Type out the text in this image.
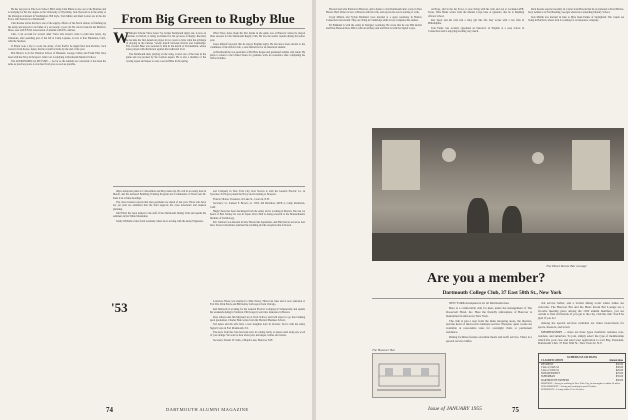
He has last year at Yale Law School. Bill's sister John Elkins is also out of the Marines and is studying for his law degree at the University of Wyoming. Jack Newsom is in the Army at the Pentagon stationed in Washington. Bill Kyle, Tom Miller and Reid Lorton are in the Air Force. Jim Stewart is at Dartmouth.

Chet Roarke writes that he is one of the supply officers of the Naval station, is finishing up the Army and expects to be father of a son nearly a year old. He can be found in the Bedford, Mass. area with F.N.M. Association of Alumni with P.N. address.

Chet, I can account for several other '53ers who haven't come to print here lately. Jay Johnstone, after spending part of the fall at Camp Lejeune, is now at Port Hueneme, Calif., with the Seabees.

If Elliott took a trip to Gold, the Army of the Pacific he might find Jack Prentice. Jack wrote in from Korea, Japan, that he would be home by the end of the year.

Bob Barlow is in the Wharton School of Business. George Cullen and Frank Ellis have been with the Navy in Newport. John Carr is studying at Dartmouth Medical School.

The ASTRONOMICAL PICTURE — As far as the Alumni are concerned, it has been the same as previous years. Let us hear from you as soon as possible.

From Big Green to Rugby Blue
W Rhodes Scholar Vince Jones '54, former Dartmouth rugby star, is now an oarsman at Oxford, is being acclaimed for his prowess at Rugby. Recently he became the first American player in two years to have what the privilege of playing in the famous 'varsity match' between Oxford and Cambridge. The coveted Blue was awarded to him in the match at Twickenham, where Jones played with distinction against his traditional rival.

The Dartmouth man, playing on the wing, scored one of the tries in the game and was praised by the London papers. He is also a member of the rowing squad and hopes to earn a second Blue in the spring.

What Vince Jones made his first marks in the game was at Hanover where he played three seasons for the Dartmouth Rugby Club. He was the team's captain during his senior year.

Jones himself reported that he enjoys English rugby. He has since been elected to the committee of the Oxford club, a rare distinction for an American student.

At Dartmouth he was president of Phi Beta Kappa and graduated summa cum laude. He plans to return to the United States for graduate work in economics after completing his Oxford studies.

ships' enterprise plans for a December and May mark trip. He will be an Army man in March, and the Armored Bombing Training Program and Commander of Naval Gen Dr. Kent is in at May meetings.

The class treasurer reports that dues payments are ahead of last year. Those who have not yet paid are reminded that the fund supports the class newsletter and reunion planning.

Jim Elliott has been named to the staff of the Dartmouth Outing Club and spends his summers in the White Mountains.

Sandy Williams writes from Germany where he is serving with the Army Engineers.

and Company in New York City. Don Norton is with the General Electric Co. in Syracuse. Ed Noyes joined the Navy and is training at Newport.

Francis Thorne, Treasurer, 16 Lake St., Concord, N.H.

Secretary: Lt. Samuel F. Brown, Lt. USN, 6th Battalion, MCB 4, Camp Pendleton, Calif.

Hugh Chase has been discharged from the Army and is working in Boston. The last we heard of Bob Tenney he was in Japan. Dave Hall is doing research at the Massachusetts Institute of Technology.

Eric Sanborn was married in New Haven this September, and Phil Norton served as best man. Several classmates attended the wedding and the reception that followed.

'53	Lawrence Friess was married to Miss Nancy Tilton last June and is now stationed at Fort Dix. Dick Ferris and Bill Kelley both report from Chicago.

Ken Manwell is working for the General Electric Company in Schenectady and spends his weekends skiing in Vermont. Phil Gregory went into insurance in Boston.

Ross Gibson and Jim Maynard are at Tuck School, and both expect to go into banking upon graduation. Charles Hale writes from the Harvard Business School.

Ted Ames and his wife have a new daughter born in October. Ted is with the Army Signal Corps in Fort Monmouth, N.J.

The news from the class has been slow in coming lately, so please send along any word of your doings. We want to hear about jobs, marriages, babies and travels.

Secretary: Robert W. Stark, 4 Maple Lane, Hanover, N.H.

74	DARTMOUTH ALUMNI MAGAZINE

Howard and wife Patricia in Hanover, and is home to visit Dartmouth after a stay in New Haven. Herb Weber is now at Boston with his wife, and reports his son is starting to walk.

Lloyd Minton and Sylvia Bernhard were married at a quiet ceremony in Bristol, Connecticut last month. They are living in Cambridge while Lloyd completes his studies.

Ed Pinkham is with the Army in Stuttgart, Germany. He wrote that he saw Bill Abbott and Dick Hanson there. Bill is with an artillery unit and Dick is with the Signal Corps.

Al Hope, still in the Air Force, is now living with his wife and son at Lackland AFB, Texas. Dick Heinz writes from the Marine Corps base at Quantico that he is finishing officers' school.

Ray Spear and his wife had a baby girl this fall. Ray works with a law firm in Philadelphia.

Tom Fuller was recently appointed an instructor in English at a prep school in Connecticut and is enjoying teaching very much.

Dick Kearns reported recently in a letter from Hawaii that he is stationed at Pearl Harbor. Jerry Adams is at Fort Benning, Georgia where he is attending Infantry School.

Jack Mullin was married in June to Miss Janet Parker of Springfield. The couple are living in Hartford, where Jack is working for an insurance company.

The Heart Room Bar Lounge
Are you a member?
Dartmouth College Club, 37 East 50th St., New York

NEW YORK headquarters for all Dartmouth men.

Here is a comfortable club for men, under the management of The Roosevelt Hotel, Inc. Here the friendly atmosphere of Hanover is maintained in mid-town New York.

The club is just a step from the main shopping areas, the theaters, and the heart of mid-town's business section. Pleasant, quiet rooms are available at reasonable rates for overnight visits or permanent residence.

Dining facilities feature excellent meals and swift service. There is a special service buffet.

cial service buffet, and a formal dining room where ladies are welcome. The Hanover Bar and the Heart Room Bar Lounge are a favorite meeting place among the 1500 alumni members, you are certain to find old friends. If you get to the city, visit the club. You'll be glad if you do!

Among the special services available are ticket reservations for sports, theaters, and travel.

MEMBERSHIPS — there are three types available: resident, non-resident, and suburban. To join, simply select the type of membership which fits your case and send your application to Carl Bay, President, Dartmouth Club, 37 East 50th St., New York 22, N.Y.

The Hanover Bar
SCHEDULE OF DUES
CLASSIFICATION	Annual dues
RESIDENT	$50.00
Class of 1945-54	$30.00
Class of 1950-54	$20.00
NON-RESIDENT	$25.00
SUBURBAN	$35.00
DARTMOUTH FATHERS	$50.00
RESIDENT—living or working in New York City, its boroughs or within 50 miles.
NON-RESIDENT—Living and working beyond 50 miles.
SUBURBAN—Living within 25 to 50 miles.
Issue of JANUARY 1955	75
